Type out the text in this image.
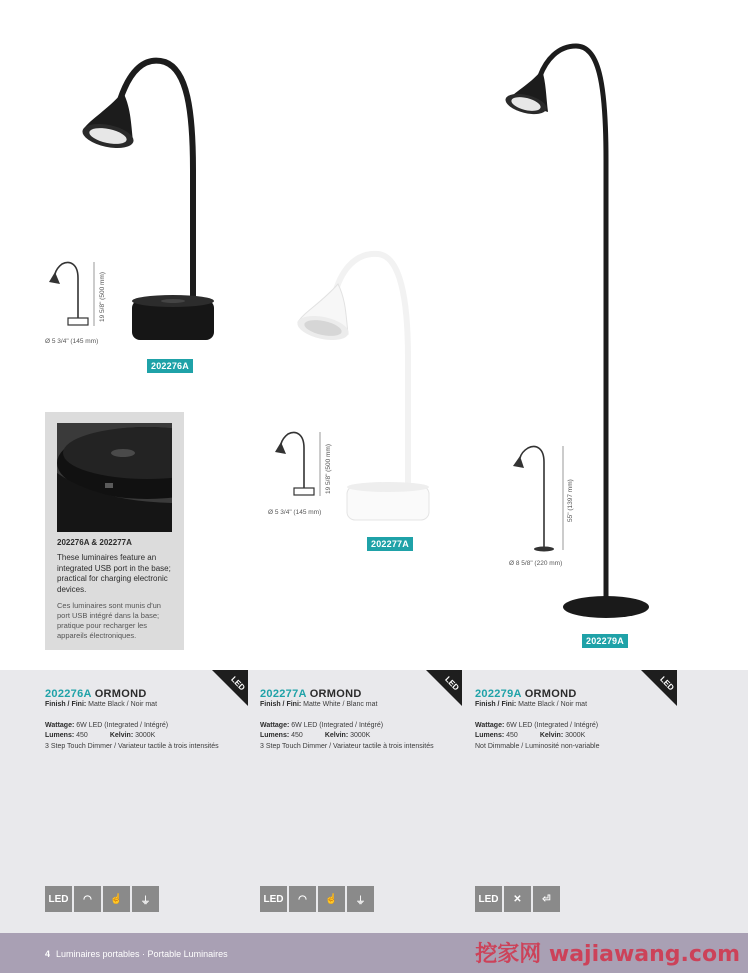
19 5/8" (500 mm)
Ø 5 3/4" (145 mm)
202276A
19 5/8" (500 mm)
Ø 5 3/4" (145 mm)
202277A
55" (1397 mm)
Ø 8 5/8" (220 mm)
202279A
202276A & 202277A

These luminaires feature an integrated USB port in the base; practical for charging electronic devices.

Ces luminaires sont munis d'un port USB intégré dans la base; pratique pour recharger les appareils électroniques.

LED
202276A ORMOND
Finish / Fini: Matte Black / Noir mat
Wattage: 6W LED (Integrated / Intégré)
Lumens: 450	Kelvin: 3000K
3 Step Touch Dimmer / Variateur tactile à trois intensités
LED	◠	☝	⏚
LED
202277A ORMOND
Finish / Fini: Matte White / Blanc mat
Wattage: 6W LED (Integrated / Intégré)
Lumens: 450	Kelvin: 3000K
3 Step Touch Dimmer / Variateur tactile à trois intensités
LED	◠	☝	⏚
LED
202279A ORMOND
Finish / Fini: Matte Black / Noir mat
Wattage: 6W LED (Integrated / Intégré)
Lumens: 450	Kelvin: 3000K
Not Dimmable / Luminosité non-variable
LED	✕	⏎
4 Luminaires portables · Portable Luminaires	挖家网 wajiawang.com
